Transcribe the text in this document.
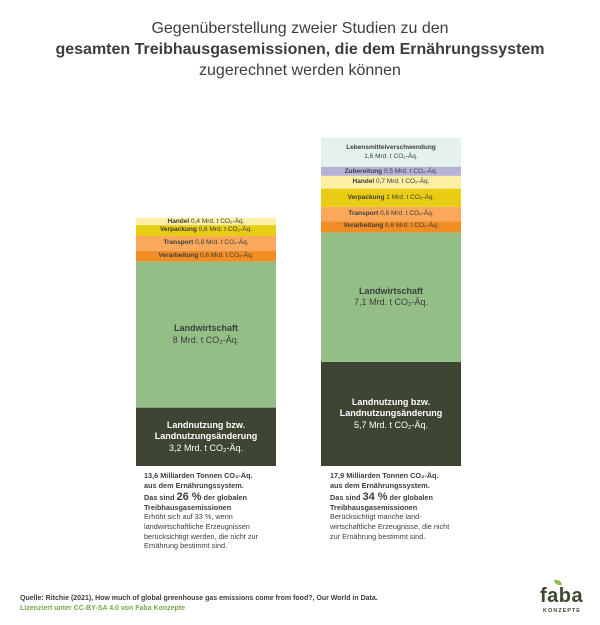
Gegenüberstellung zweier Studien zu den
gesamten Treibhausgasemissionen, die dem Ernährungssystem
zugerechnet werden können
Landnutzung bzw.
Landnutzungsänderung
3,2 Mrd. t CO₂-Äq.
Landwirtschaft
8 Mrd. t CO₂-Äq.
Verarbeitung 0,6 Mrd. t CO₂-Äq.
Transport 0,8 Mrd. t CO₂-Äq.
Verpackung 0,6 Mrd. t CO₂-Äq.
Handel 0,4 Mrd. t CO₂-Äq.
Landnutzung bzw.
Landnutzungsänderung
5,7 Mrd. t CO₂-Äq.
Landwirtschaft
7,1 Mrd. t CO₂-Äq.
Verarbeitung 0,6 Mrd. t CO₂-Äq.
Transport 0,8 Mrd. t CO₂-Äq.
Verpackung 1 Mrd. t CO₂-Äq.
Handel 0,7 Mrd. t CO₂-Äq.
Zubereitung 0,5 Mrd. t CO₂-Äq.
Lebensmittelverschwendung
1,6 Mrd. t CO₂-Äq.
13,6 Milliarden Tonnen CO₂-Äq.
aus dem Ernährungssystem.
Das sind 26 % der globalen
Treibhausgasemissionen
Erhöht sich auf 33 %, wenn landwirtschaftliche Erzeugnissen berücksichtigt werden, die nicht zur Ernährung bestimmt sind.
17,9 Milliarden Tonnen CO₂-Äq.
aus dem Ernährungssystem.
Das sind 34 % der globalen
Treibhausgasemissionen
Berücksichtigt manche land-wirtschaftliche Erzeugnisse, die nicht zur Ernährung bestimmt sind.
Quelle: Ritchie (2021), How much of global greenhouse gas emissions come from food?, Our World in Data.
Lizenziert unter CC-BY-SA 4.0 von Faba Konzepte
faba
KONZEPTE
